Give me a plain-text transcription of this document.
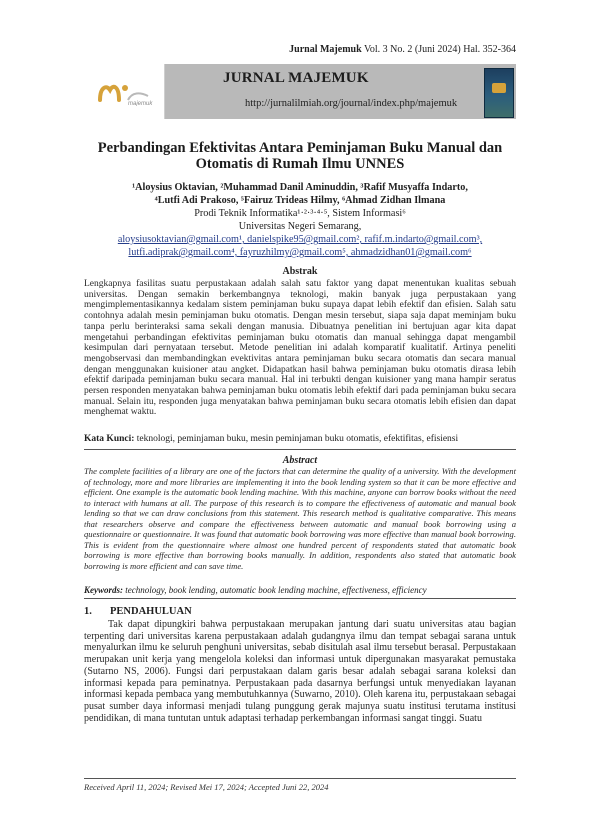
Jurnal Majemuk Vol. 3 No. 2 (Juni 2024) Hal. 352-364
majemuk
JURNAL MAJEMUK
http://jurnalilmiah.org/journal/index.php/majemuk
Perbandingan Efektivitas Antara Peminjaman Buku Manual dan Otomatis di Rumah Ilmu UNNES
¹Aloysius Oktavian, ²Muhammad Danil Aminuddin, ³Rafif Musyaffa Indarto,
⁴Lutfi Adi Prakoso, ⁵Fairuz Trideas Hilmy, ⁶Ahmad Zidhan Ilmana
Prodi Teknik Informatika¹·²·³·⁴·⁵, Sistem Informasi⁶
Universitas Negeri Semarang,
aloysiusoktavian@gmail.com¹, danielspike95@gmail.com², rafif.m.indarto@gmail.com³,
lutfi.adiprak@gmail.com⁴, fayruzhilmy@gmail.com⁵, ahmadzidhan01@gmail.com⁶
Abstrak
Lengkapnya fasilitas suatu perpustakaan adalah salah satu faktor yang dapat menentukan kualitas sebuah universitas. Dengan semakin berkembangnya teknologi, makin banyak juga perpustakaan yang mengimplementasikannya kedalam sistem peminjaman buku supaya dapat lebih efektif dan efisien. Salah satu contohnya adalah mesin peminjaman buku otomatis. Dengan mesin tersebut, siapa saja dapat meminjam buku tanpa perlu berinteraksi sama sekali dengan manusia. Dibuatnya penelitian ini bertujuan agar kita dapat mengetahui perbandingan efektivitas peminjaman buku otomatis dan manual sehingga dapat mengambil kesimpulan dari pernyataan tersebut. Metode penelitian ini adalah komparatif kualitatif. Artinya peneliti mengobservasi dan membandingkan evektivitas antara peminjaman buku secara otomatis dan secara manual dengan menggunakan kuisioner atau angket. Didapatkan hasil bahwa peminjaman buku otomatis dirasa lebih efektif daripada peminjaman buku secara manual. Hal ini terbukti dengan kuisioner yang mana hampir seratus persen responden menyatakan bahwa peminjaman buku otomatis lebih efektif dari pada peminjaman buku secara manual. Selain itu, responden juga menyatakan bahwa peminjaman buku secara otomatis lebih efisien dan dapat menghemat waktu.
Kata Kunci: teknologi, peminjaman buku, mesin peminjaman buku otomatis, efektifitas, efisiensi
Abstract
The complete facilities of a library are one of the factors that can determine the quality of a university. With the development of technology, more and more libraries are implementing it into the book lending system so that it can be more effective and efficient. One example is the automatic book lending machine. With this machine, anyone can borrow books without the need to interact with humans at all. The purpose of this research is to compare the effectiveness of automatic and manual book lending so that we can draw conclusions from this statement. This research method is qualitative comparative. This means that researchers observe and compare the effectiveness between automatic and manual book borrowing using a questionnaire or questionnaire. It was found that automatic book borrowing was more effective than manual book borrowing. This is evident from the questionnaire where almost one hundred percent of respondents stated that automatic book borrowing is more effective than borrowing books manually. In addition, respondents also stated that automatic book borrowing is more efficient and can save time.
Keywords: technology, book lending, automatic book lending machine, effectiveness, efficiency
1. PENDAHULUAN
Tak dapat dipungkiri bahwa perpustakaan merupakan jantung dari suatu universitas atau bagian terpenting dari universitas karena perpustakaan adalah gudangnya ilmu dan tempat sebagai sarana untuk menyalurkan ilmu ke seluruh penghuni universitas, sebab disitulah asal ilmu tersebut berasal. Perpustakaan merupakan unit kerja yang mengelola koleksi dan informasi untuk dipergunakan masyarakat pemustaka (Sutarno NS, 2006). Fungsi dari perpustakaan dalam garis besar adalah sebagai sarana koleksi dan informasi kepada para peminatnya. Perpustakaan pada dasarnya berfungsi untuk menyediakan layanan informasi kepada pembaca yang membutuhkannya (Suwarno, 2010). Oleh karena itu, perpustakaan sebagai pusat sumber daya informasi menjadi tulang punggung gerak majunya suatu institusi terutama institusi pendidikan, di mana tuntutan untuk adaptasi terhadap perkembangan informasi sangat tinggi. Suatu
Received April 11, 2024; Revised Mei 17, 2024; Accepted Juni 22, 2024
